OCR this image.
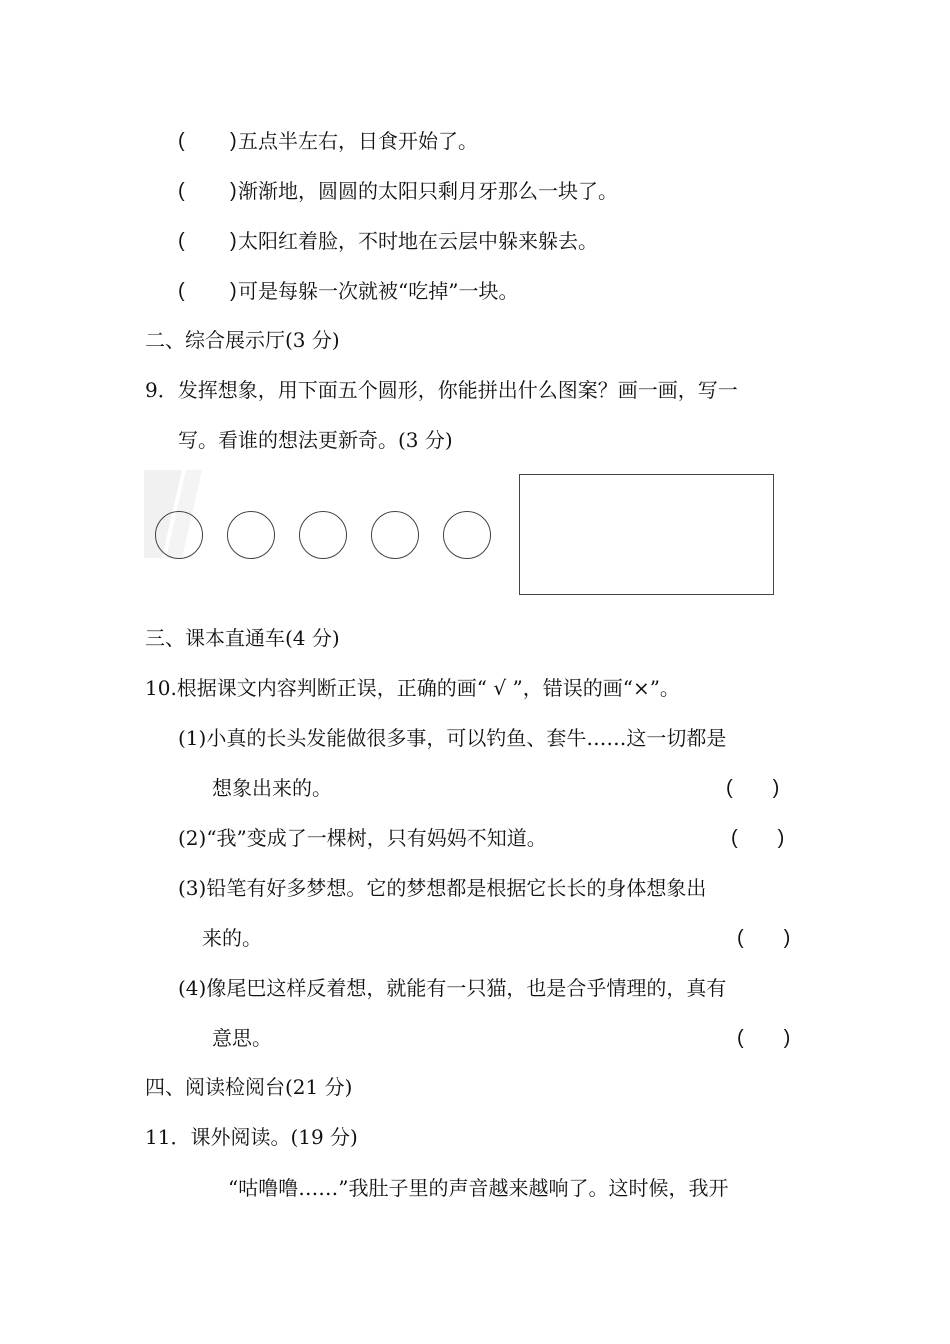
( ) 五点半左右，日食开始了。
( ) 渐渐地，圆圆的太阳只剩月牙那么一块了。
( ) 太阳红着脸，不时地在云层中躲来躲去。
( ) 可是每躲一次就被“吃掉”一块。
二、综合展示厅(3 分)
9．发挥想象，用下面五个圆形，你能拼出什么图案？画一画，写一
写。看谁的想法更新奇。(3 分)
三、课本直通车(4 分)
10.根据课文内容判断正误，正确的画“ √ ”，错误的画“×”。
(1)小真的长头发能做很多事，可以钓鱼、套牛……这一切都是
想象出来的。	(　　)
(2)“我”变成了一棵树，只有妈妈不知道。	(　　)
(3)铅笔有好多梦想。它的梦想都是根据它长长的身体想象出
来的。	(　　)
(4)像尾巴这样反着想，就能有一只猫，也是合乎情理的，真有
意思。	(　　)
四、阅读检阅台(21 分)
11．课外阅读。(19 分)
“咕噜噜……”我肚子里的声音越来越响了。这时候，我开
